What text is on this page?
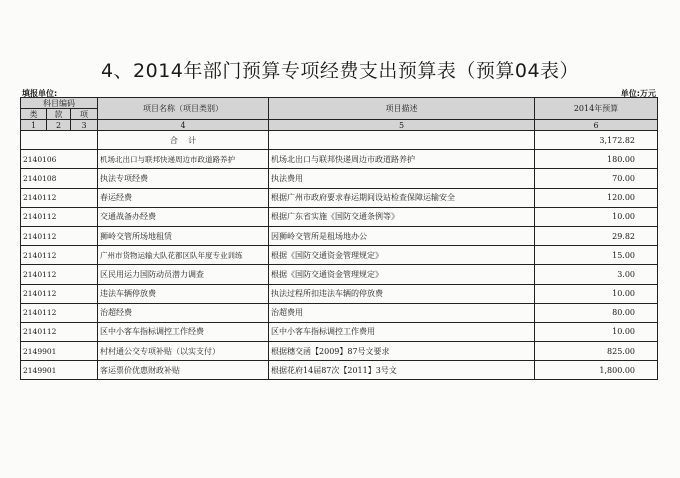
4、2014年部门预算专项经费支出预算表（预算04表）
填报单位:	单位:万元
科目编码			项目名称（项目类别）	项目描述	2014年预算
类	款	项			
1	2	3	4	5	6
			合    计		3,172.82
2140106			机场北出口与联邦快递周边市政道路养护	机场北出口与联邦快递周边市政道路养护	180.00
2140108			执法专项经费	执法费用	70.00
2140112			春运经费	根据广州市政府要求春运期间设站检查保障运输安全	120.00
2140112			交通战备办经费	根据广东省实施《国防交通条例等》	10.00
2140112			狮岭交管所场地租赁	因狮岭交管所是租场地办公	29.82
2140112			广州市货物运输大队花都区队年度专业训练	根据《国防交通资金管理规定》	15.00
2140112			区民用运力国防动员潜力调查	根据《国防交通资金管理规定》	3.00
2140112			违法车辆停放费	执法过程所扣违法车辆的停放费	10.00
2140112			治超经费	治超费用	80.00
2140112			区中小客车指标调控工作经费	区中小客车指标调控工作费用	10.00
2149901			村村通公交专项补贴（以实支付）	根据穗交函【2009】87号文要求	825.00
2149901			客运票价优惠财政补贴	根据花府14届87次【2011】3号文	1,800.00
